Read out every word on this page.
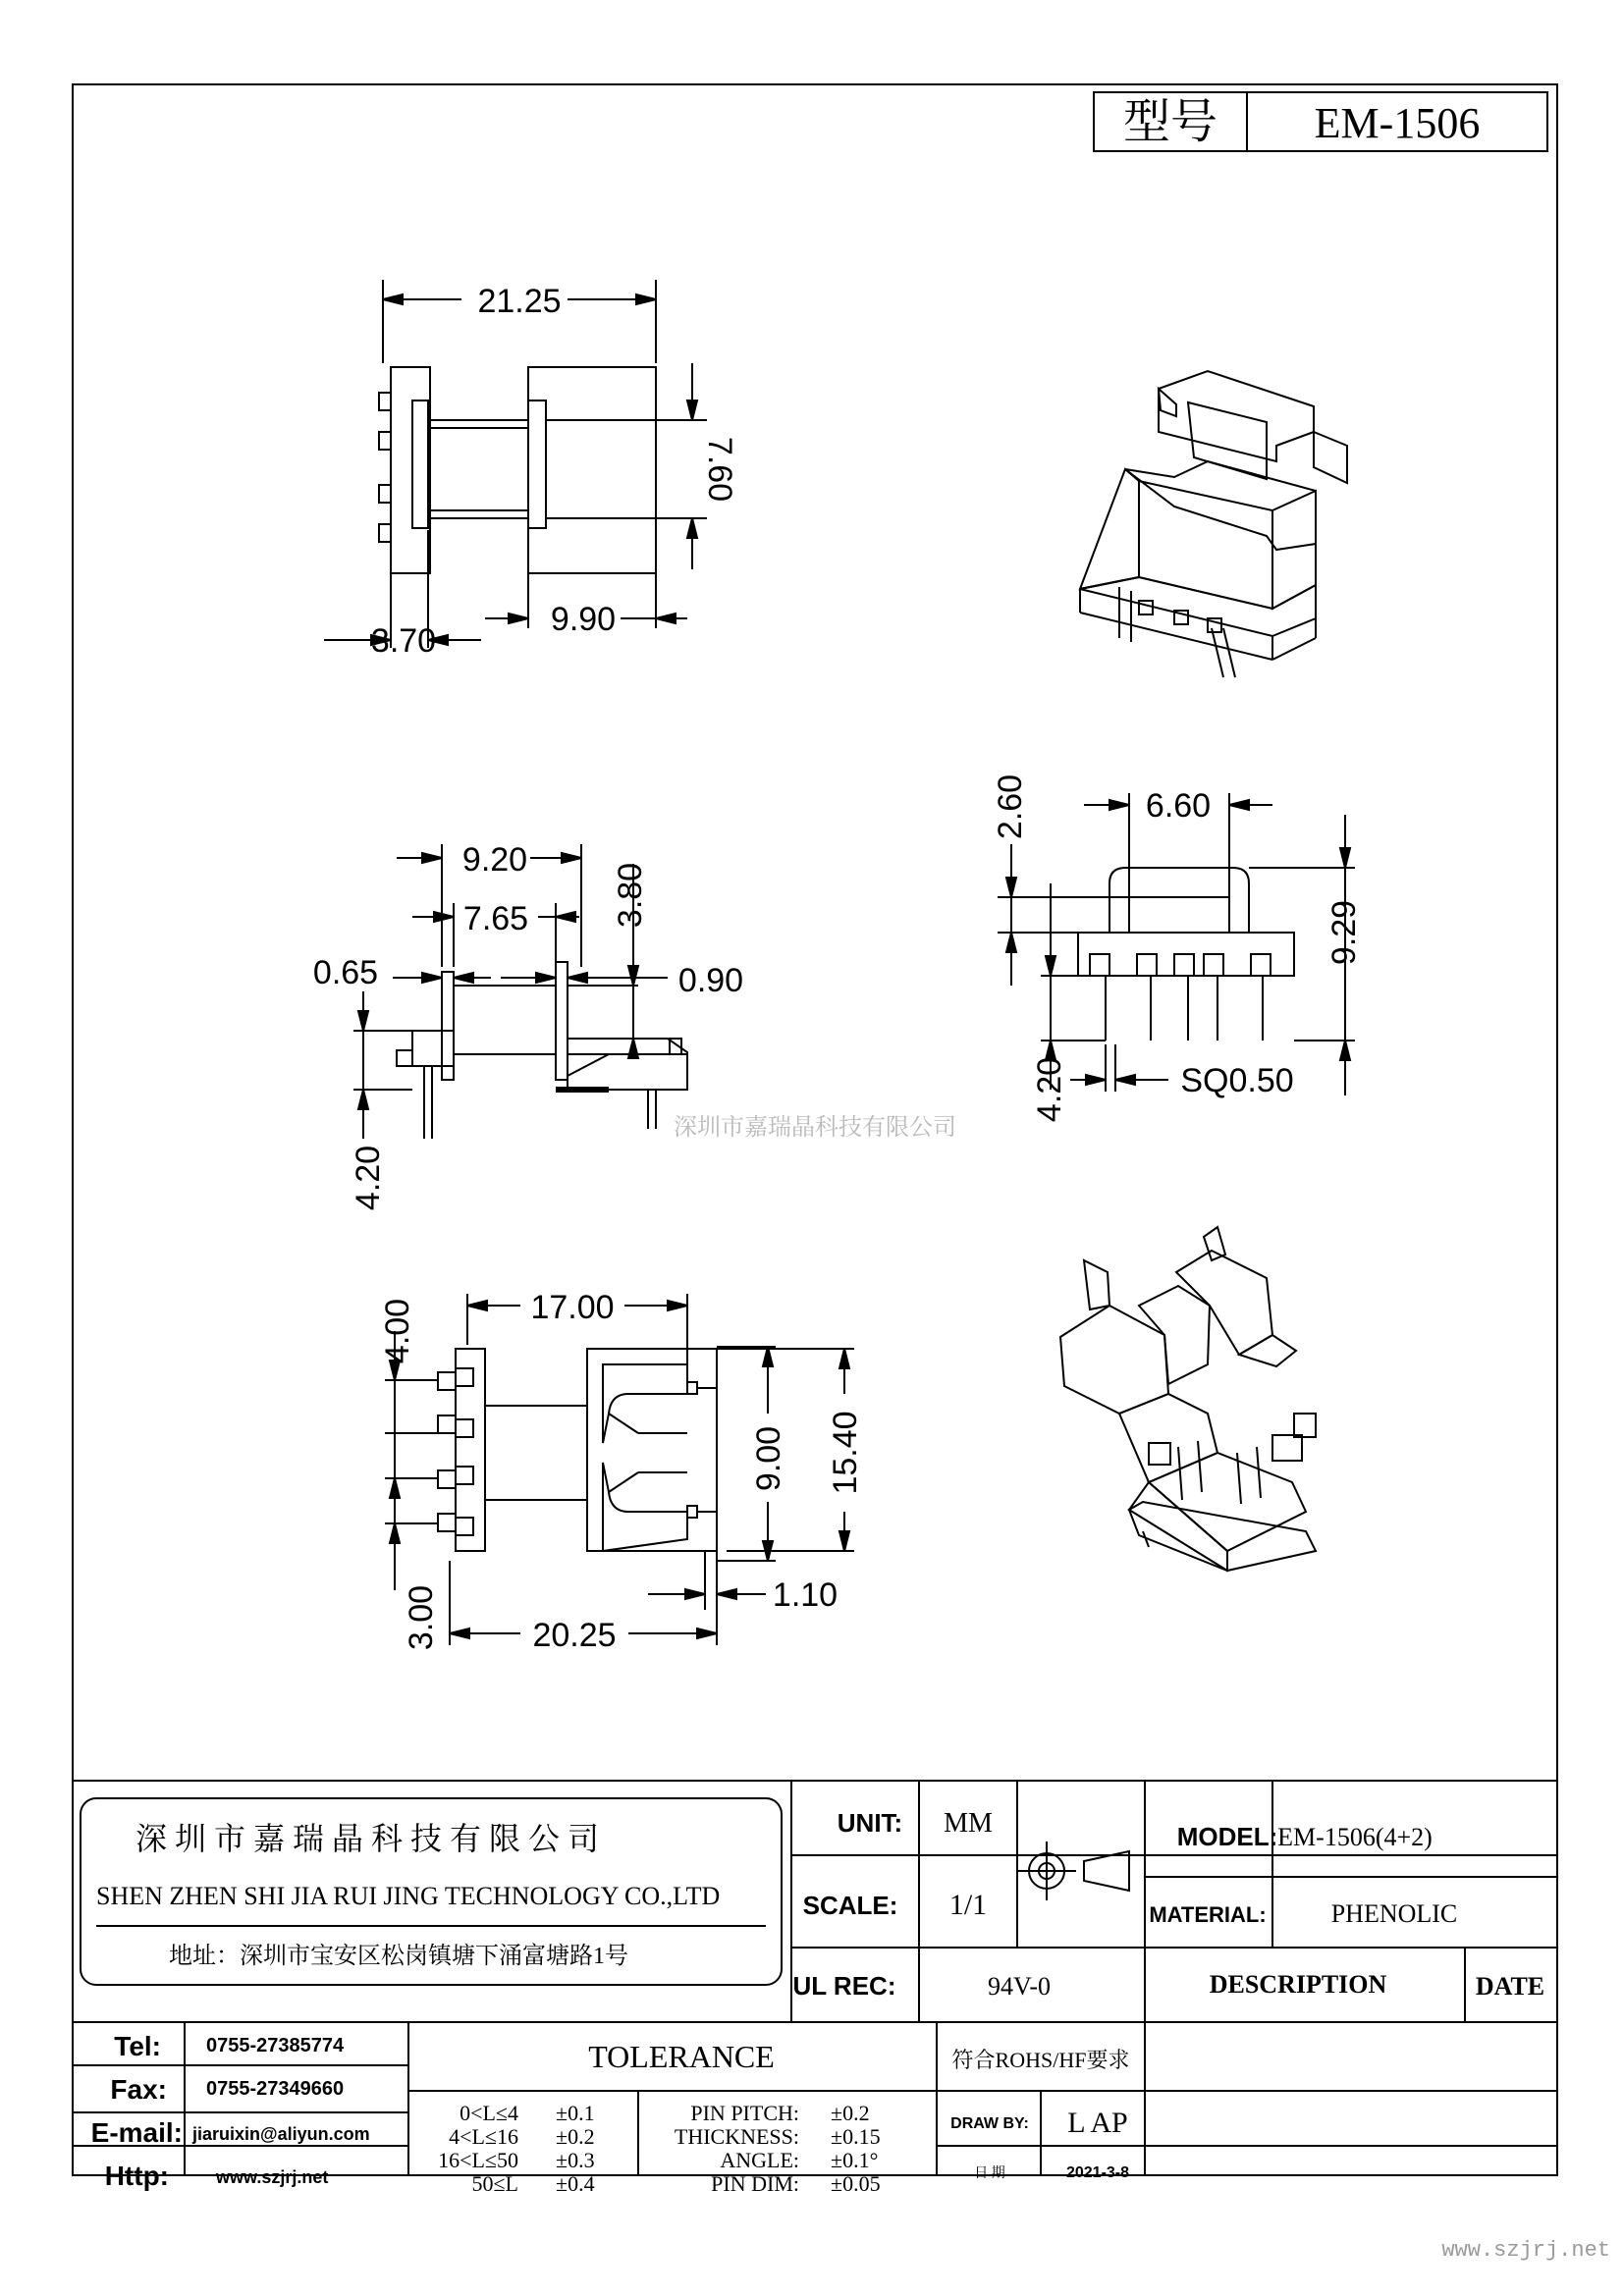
型号 EM-1506
21.25
7.60
3.70
9.90
9.20
7.65 3.80
0.65	0.90
4.20
6.60
2.60
9.29
4.20	SQ0.50
深圳市嘉瑞晶科技有限公司
17.00
4.00
9.00 15.40
1.10
3.00	20.25
深 圳 市 嘉 瑞 晶 科 技 有 限 公 司
SHEN ZHEN SHI JIA RUI JING TECHNOLOGY CO.,LTD
地址：深圳市宝安区松岗镇塘下涌富塘路1号
UNIT: MM
SCALE: 1/1
UL REC:	94V-0
MODEL: EM-1506(4+2)
MATERIAL:	PHENOLIC
DESCRIPTION	DATE
Tel: 0755-27385774
Fax: 0755-27349660
E-mail: jiaruixin@aliyun.com
Http:	www.szjrj.net
TOLERANCE
0<L≤4 ±0.1
4<L≤16 ±0.2
16<L≤50 ±0.3
50≤L ±0.4
PIN PITCH: ±0.2
THICKNESS: ±0.15
ANGLE: ±0.1°
PIN DIM: ±0.05
符合ROHS/HF要求
DRAW BY: L AP
日 期	2021-3-8
www.szjrj.net
